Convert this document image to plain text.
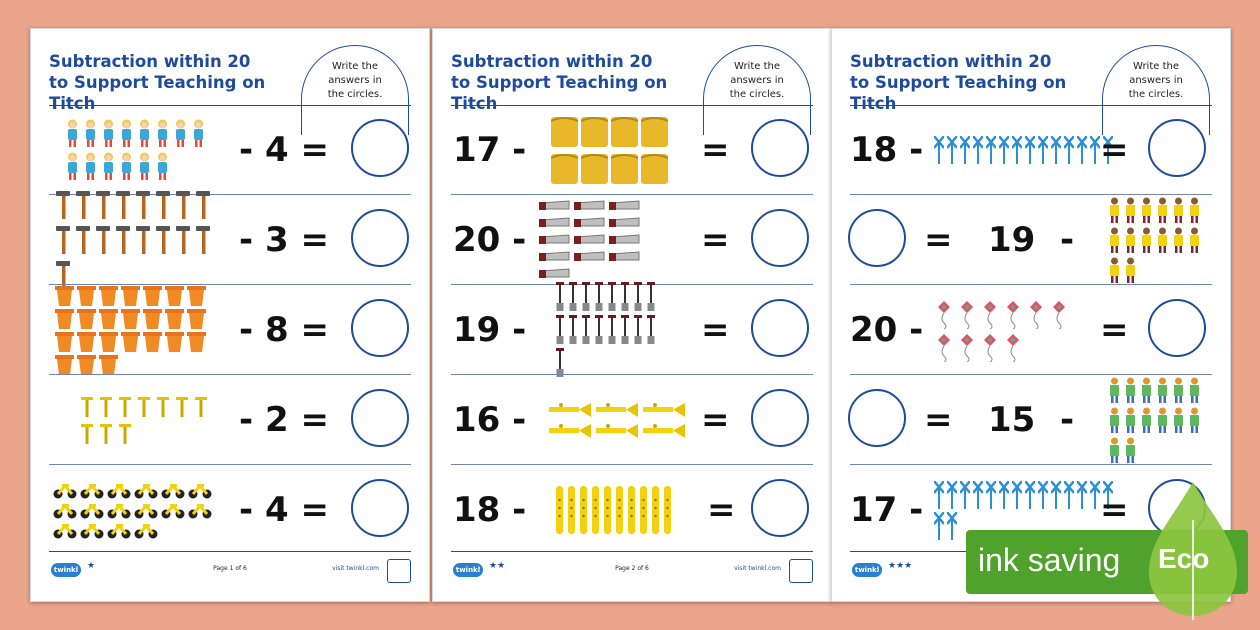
Subtraction within 20
to Support Teaching on Titch
Write the
answers in
the circles.
- 4 =
- 3 =
- 8 =
- 2 =
- 4 =
twinkl ★	Page 1 of 6	visit twinkl.com
Subtraction within 20
to Support Teaching on Titch
Write the
answers in
the circles.
17 -	=
20 -	=
19 -	=
16 -	=
18 -	=
twinkl ★★	Page 2 of 6	visit twinkl.com
Subtraction within 20
to Support Teaching on Titch
Write the
answers in
the circles.
18 -	=
= 19 -
20 -	=
= 15 -
17 -	=
twinkl ★★★ ink saving Eco
